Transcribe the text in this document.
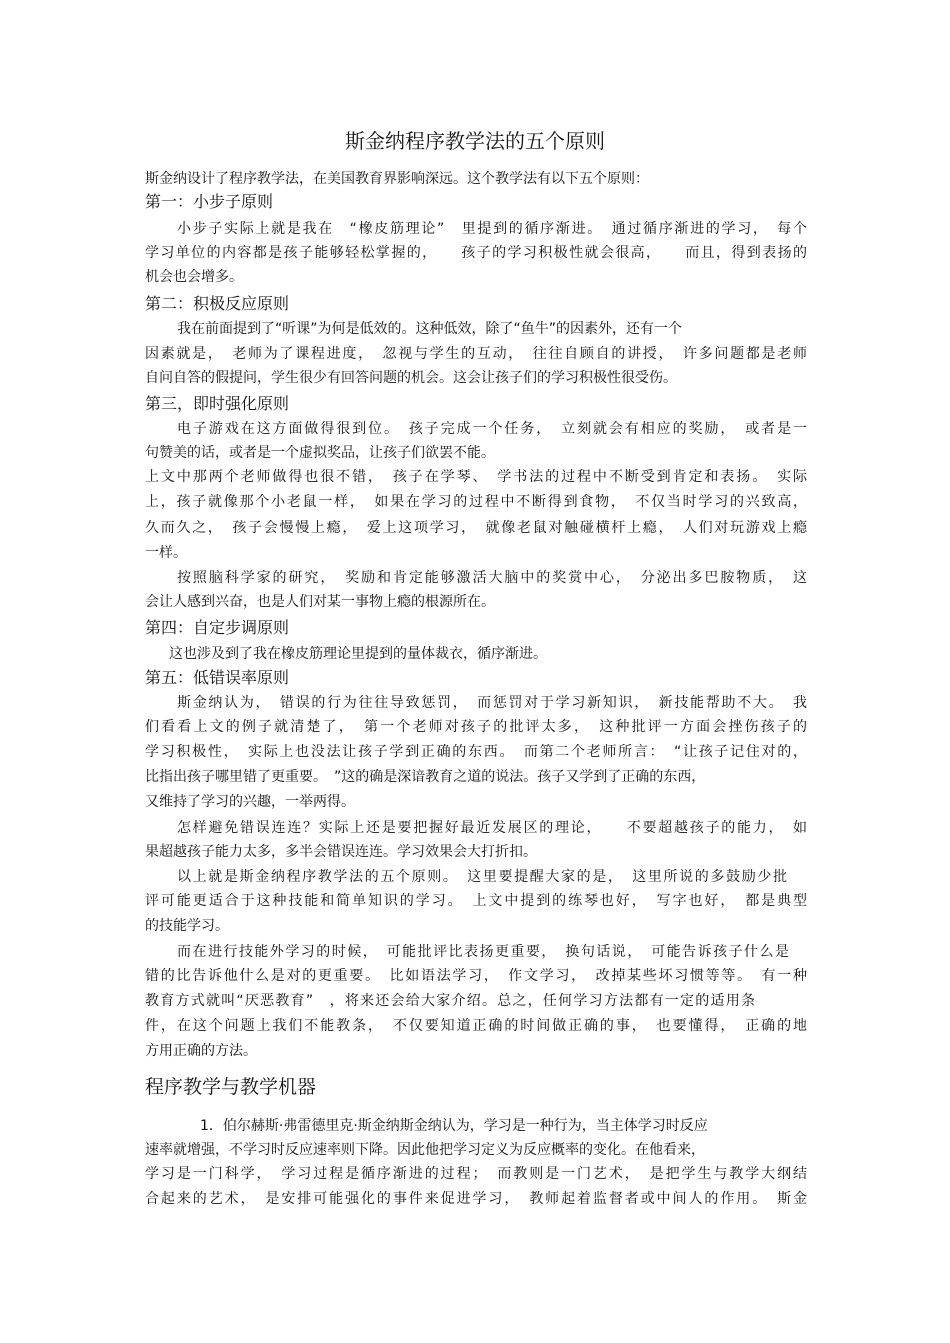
斯金纳程序教学法的五个原则
斯金纳设计了程序教学法，在美国教育界影响深远。这个教学法有以下五个原则：
第一：小步子原则
小步子实际上就是我在　“橡皮筋理论”　里提到的循序渐进。　通过循序渐进的学习，　每个
学习单位的内容都是孩子能够轻松掌握的，　　孩子的学习积极性就会很高，　　而且，得到表扬的
机会也会增多。
第二：积极反应原则
我在前面提到了“听课”为何是低效的。这种低效，除了“鱼牛”的因素外，还有一个
因素就是，　老师为了课程进度，　忽视与学生的互动，　往往自顾自的讲授，　许多问题都是老师
自问自答的假提问，学生很少有回答问题的机会。这会让孩子们的学习积极性很受伤。
第三，即时强化原则
电子游戏在这方面做得很到位。　孩子完成一个任务，　立刻就会有相应的奖励，　或者是一
句赞美的话，或者是一个虚拟奖品，让孩子们欲罢不能。
上文中那两个老师做得也很不错，　孩子在学琴、　学书法的过程中不断受到肯定和表扬。　实际
上，孩子就像那个小老鼠一样，　如果在学习的过程中不断得到食物，　不仅当时学习的兴致高，
久而久之，　孩子会慢慢上瘾，　爱上这项学习，　就像老鼠对触碰横杆上瘾，　人们对玩游戏上瘾
一样。
按照脑科学家的研究，　奖励和肯定能够激活大脑中的奖赏中心，　分泌出多巴胺物质，　这
会让人感到兴奋，也是人们对某一事物上瘾的根源所在。
第四：自定步调原则
这也涉及到了我在橡皮筋理论里提到的量体裁衣，循序渐进。
第五：低错误率原则
斯金纳认为，　错误的行为往往导致惩罚，　而惩罚对于学习新知识，　新技能帮助不大。　我
们看看上文的例子就清楚了，　第一个老师对孩子的批评太多，　这种批评一方面会挫伤孩子的
学习积极性，　实际上也没法让孩子学到正确的东西。　而第二个老师所言：　“让孩子记住对的，
比指出孩子哪里错了更重要。　”这的确是深谙教育之道的说法。孩子又学到了正确的东西，
又维持了学习的兴趣，一举两得。
怎样避免错误连连？实际上还是要把握好最近发展区的理论，　　不要超越孩子的能力，　如
果超越孩子能力太多，多半会错误连连。学习效果会大打折扣。
以上就是斯金纳程序教学法的五个原则。　这里要提醒大家的是，　这里所说的多鼓励少批
评可能更适合于这种技能和简单知识的学习。　上文中提到的练琴也好，　写字也好，　都是典型
的技能学习。
而在进行技能外学习的时候，　可能批评比表扬更重要，　换句话说，　可能告诉孩子什么是
错的比告诉他什么是对的更重要。　比如语法学习，　作文学习，　改掉某些坏习惯等等。　有一种
教育方式就叫“厌恶教育”　，将来还会给大家介绍。总之，任何学习方法都有一定的适用条
件，在这个问题上我们不能教条，　不仅要知道正确的时间做正确的事，　也要懂得，　正确的地
方用正确的方法。
程序教学与教学机器
1．伯尔赫斯·弗雷德里克·斯金纳斯金纳认为，学习是一种行为，当主体学习时反应
速率就增强，不学习时反应速率则下降。因此他把学习定义为反应概率的变化。在他看来，
学习是一门科学，　学习过程是循序渐进的过程；　而教则是一门艺术，　是把学生与教学大纲结
合起来的艺术，　是安排可能强化的事件来促进学习，　教师起着监督者或中间人的作用。　斯金
